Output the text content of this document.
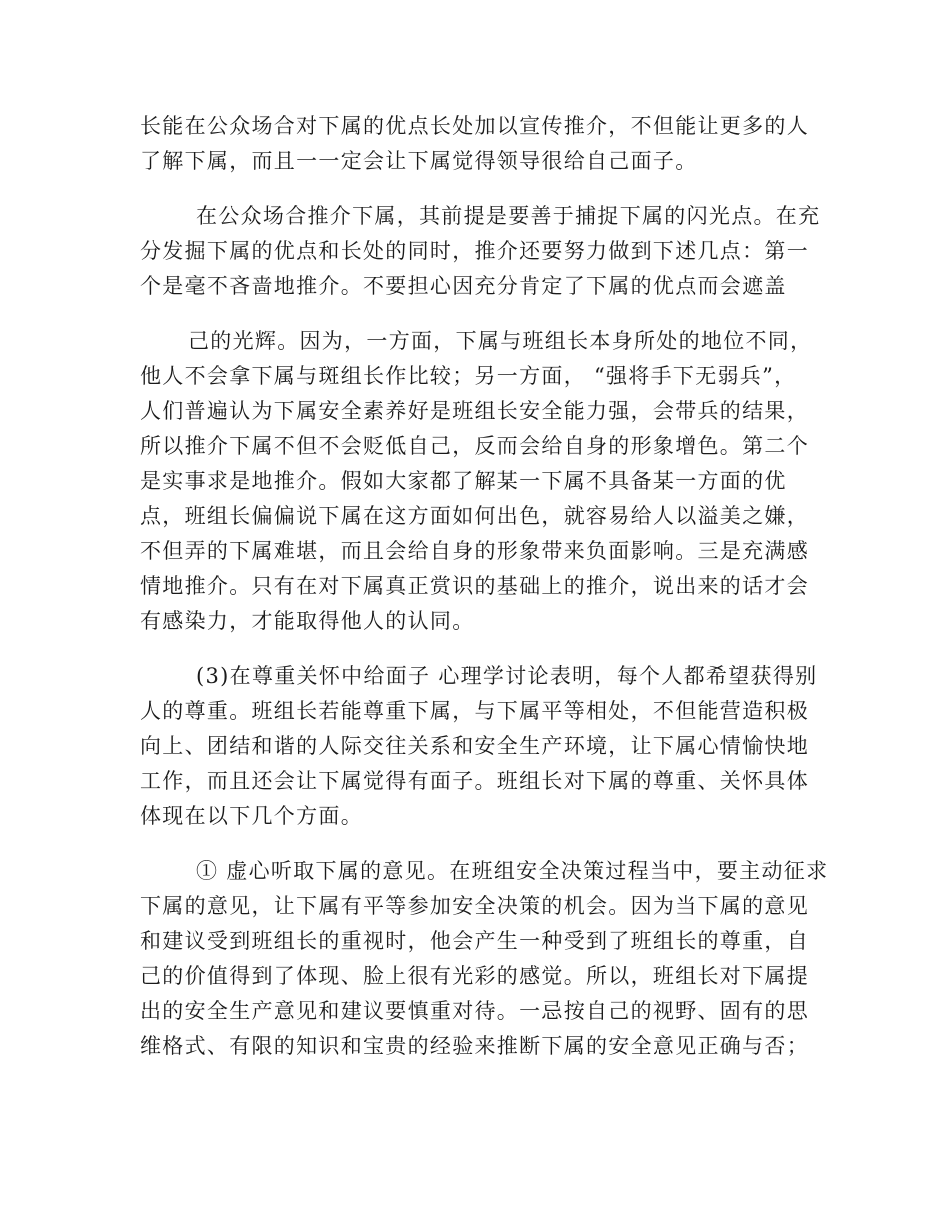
长能在公众场合对下属的优点长处加以宣传推介，不但能让更多的人
了解下属，而且一一定会让下属觉得领导很给自己面子。
在公众场合推介下属，其前提是要善于捕捉下属的闪光点。在充
分发掘下属的优点和长处的同时，推介还要努力做到下述几点：第一
个是毫不吝啬地推介。不要担心因充分肯定了下属的优点而会遮盖
己的光辉。因为，一方面，下属与班组长本身所处的地位不同，
他人不会拿下属与斑组长作比较；另一方面， “强将手下无弱兵”，
人们普遍认为下属安全素养好是班组长安全能力强，会带兵的结果，
所以推介下属不但不会贬低自己，反而会给自身的形象增色。第二个
是实事求是地推介。假如大家都了解某一下属不具备某一方面的优
点，班组长偏偏说下属在这方面如何出色，就容易给人以溢美之嫌，
不但弄的下属难堪，而且会给自身的形象带来负面影响。三是充满感
情地推介。只有在对下属真正赏识的基础上的推介，说出来的话才会
有感染力，才能取得他人的认同。
(3)在尊重关怀中给面子 心理学讨论表明，每个人都希望获得别
人的尊重。班组长若能尊重下属，与下属平等相处，不但能营造积极
向上、团结和谐的人际交往关系和安全生产环境，让下属心情愉快地
工作，而且还会让下属觉得有面子。班组长对下属的尊重、关怀具体
体现在以下几个方面。
① 虚心听取下属的意见。在班组安全决策过程当中，要主动征求
下属的意见，让下属有平等参加安全决策的机会。因为当下属的意见
和建议受到班组长的重视时，他会产生一种受到了班组长的尊重，自
己的价值得到了体现、脸上很有光彩的感觉。所以，班组长对下属提
出的安全生产意见和建议要慎重对待。一忌按自己的视野、固有的思
维格式、有限的知识和宝贵的经验来推断下属的安全意见正确与否；
